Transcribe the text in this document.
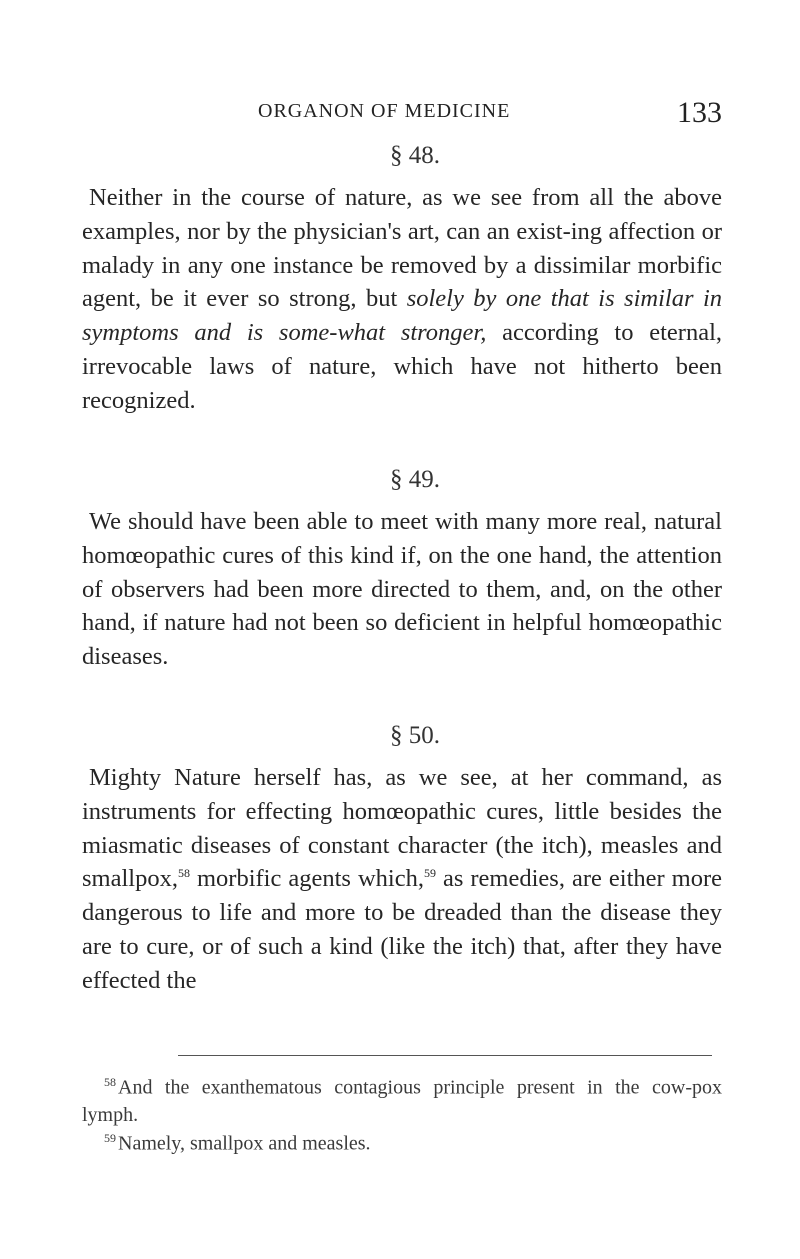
ORGANON OF MEDICINE	133
§ 48.

Neither in the course of nature, as we see from all the above examples, nor by the physician's art, can an exist-ing affection or malady in any one instance be removed by a dissimilar morbific agent, be it ever so strong, but solely by one that is similar in symptoms and is some-what stronger, according to eternal, irrevocable laws of nature, which have not hitherto been recognized.

§ 49.

We should have been able to meet with many more real, natural homœopathic cures of this kind if, on the one hand, the attention of observers had been more directed to them, and, on the other hand, if nature had not been so deficient in helpful homœopathic diseases.

§ 50.

Mighty Nature herself has, as we see, at her command, as instruments for effecting homœopathic cures, little besides the miasmatic diseases of constant character (the itch), measles and smallpox,$^{58}$ morbific agents which,$^{59}$ as remedies, are either more dangerous to life and more to be dreaded than the disease they are to cure, or of such a kind (like the itch) that, after they have effected the

$^{58}$ And the exanthematous contagious principle present in the cow-pox lymph.

$^{59}$ Namely, smallpox and measles.
